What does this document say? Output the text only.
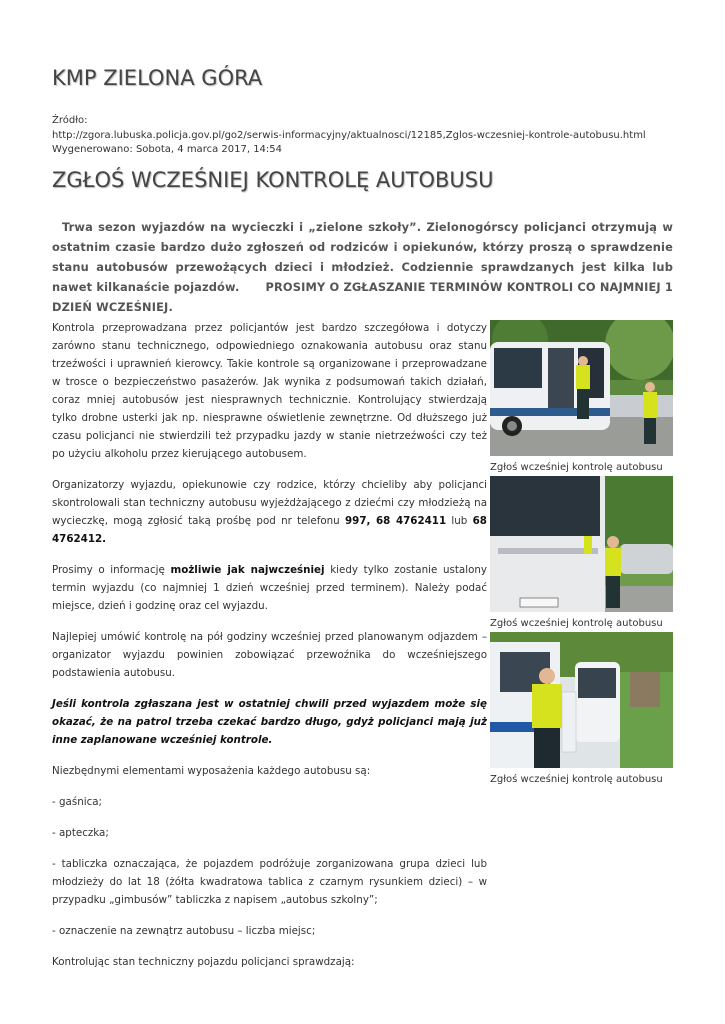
KMP ZIELONA GÓRA
Źródło:
http://zgora.lubuska.policja.gov.pl/go2/serwis-informacyjny/aktualnosci/12185,Zglos-wczesniej-kontrole-autobusu.html
Wygenerowano: Sobota, 4 marca 2017, 14:54
ZGŁOŚ WCZEŚNIEJ KONTROLĘ AUTOBUSU

Trwa sezon wyjazdów na wycieczki i „zielone szkoły”. Zielonogórscy policjanci otrzymują w ostatnim czasie bardzo dużo zgłoszeń od rodziców i opiekunów, którzy proszą o sprawdzenie stanu autobusów przewożących dzieci i młodzież. Codziennie sprawdzanych jest kilka lub nawet kilkanaście pojazdów. PROSIMY O ZGŁASZANIE TERMINÓW KONTROLI CO NAJMNIEJ 1 DZIEŃ WCZEŚNIEJ.

Kontrola przeprowadzana przez policjantów jest bardzo szczegółowa i dotyczy zarówno stanu technicznego, odpowiedniego oznakowania autobusu oraz stanu trzeźwości i uprawnień kierowcy. Takie kontrole są organizowane i przeprowadzane w trosce o bezpieczeństwo pasażerów. Jak wynika z podsumowań takich działań, coraz mniej autobusów jest niesprawnych technicznie. Kontrolujący stwierdzają tylko drobne usterki jak np. niesprawne oświetlenie zewnętrzne. Od dłuższego już czasu policjanci nie stwierdzili też przypadku jazdy w stanie nietrzeźwości czy też po użyciu alkoholu przez kierującego autobusem.

Organizatorzy wyjazdu, opiekunowie czy rodzice, którzy chcieliby aby policjanci skontrolowali stan techniczny autobusu wyjeżdżającego z dziećmi czy młodzieżą na wycieczkę, mogą zgłosić taką prośbę pod nr telefonu 997, 68 4762411 lub 68 4762412.

Prosimy o informację możliwie jak najwcześniej kiedy tylko zostanie ustalony termin wyjazdu (co najmniej 1 dzień wcześniej przed terminem). Należy podać miejsce, dzień i godzinę oraz cel wyjazdu.

Najlepiej umówić kontrolę na pół godziny wcześniej przed planowanym odjazdem – organizator wyjazdu powinien zobowiązać przewoźnika do wcześniejszego podstawienia autobusu.

Jeśli kontrola zgłaszana jest w ostatniej chwili przed wyjazdem może się okazać, że na patrol trzeba czekać bardzo długo, gdyż policjanci mają już inne zaplanowane wcześniej kontrole.

Niezbędnymi elementami wyposażenia każdego autobusu są:

- gaśnica;

- apteczka;

- tabliczka oznaczająca, że pojazdem podróżuje zorganizowana grupa dzieci lub młodzieży do lat 18 (żółta kwadratowa tablica z czarnym rysunkiem dzieci) – w przypadku „gimbusów” tabliczka z napisem „autobus szkolny”;

- oznaczenie na zewnątrz autobusu – liczba miejsc;

Kontrolując stan techniczny pojazdu policjanci sprawdzają:

Zgłoś wcześniej kontrolę autobusu
Zgłoś wcześniej kontrolę autobusu
Zgłoś wcześniej kontrolę autobusu
